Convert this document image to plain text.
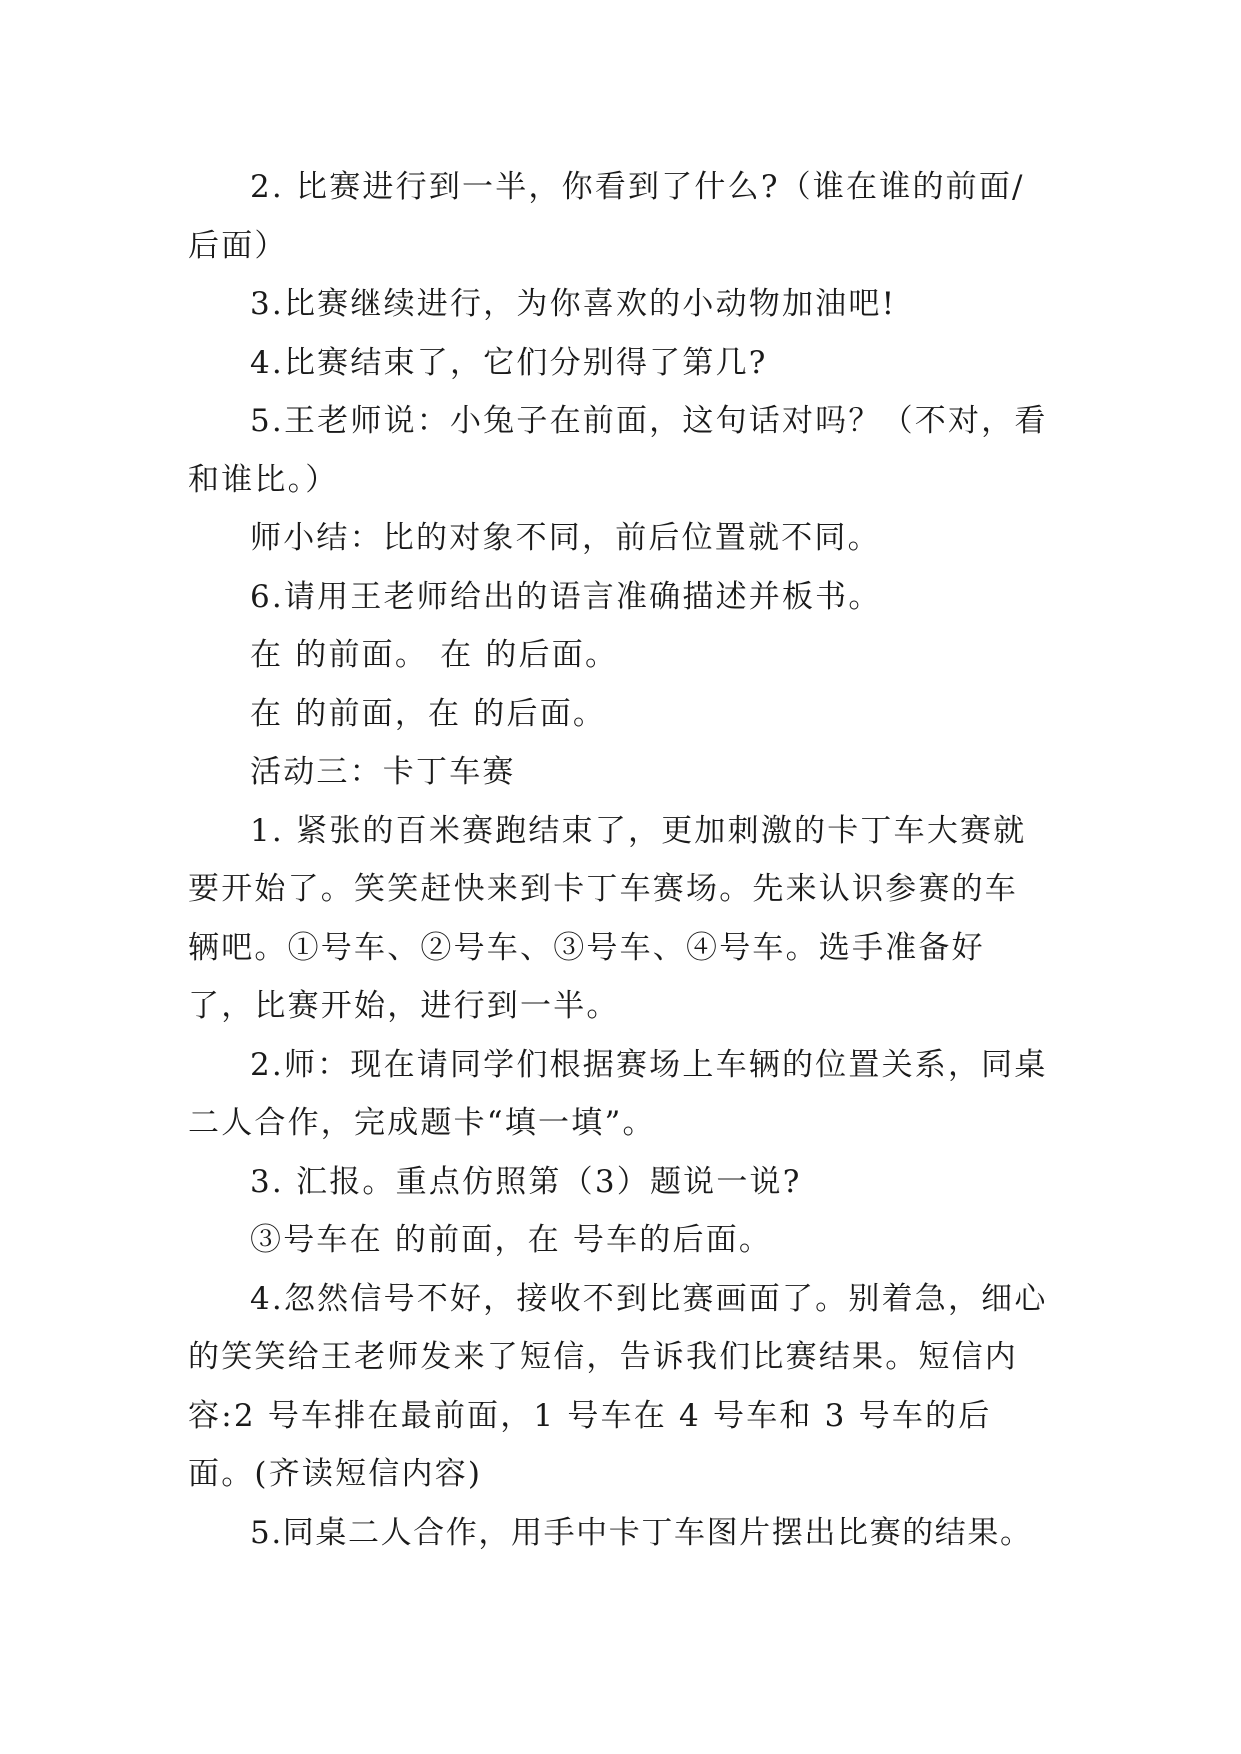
2. 比赛进行到一半，你看到了什么?（谁在谁的前面/后面）

3.比赛继续进行，为你喜欢的小动物加油吧!

4.比赛结束了，它们分别得了第几?

5.王老师说：小兔子在前面，这句话对吗？（不对，看和谁比。）

师小结：比的对象不同，前后位置就不同。

6.请用王老师给出的语言准确描述并板书。

在 的前面。 在 的后面。

在 的前面，在 的后面。

活动三：卡丁车赛

1. 紧张的百米赛跑结束了，更加刺激的卡丁车大赛就要开始了。笑笑赶快来到卡丁车赛场。先来认识参赛的车辆吧。①号车、②号车、③号车、④号车。选手准备好了，比赛开始，进行到一半。

2.师：现在请同学们根据赛场上车辆的位置关系，同桌二人合作，完成题卡“填一填”。

3. 汇报。重点仿照第（3）题说一说?

③号车在 的前面，在 号车的后面。

4.忽然信号不好，接收不到比赛画面了。别着急，细心的笑笑给王老师发来了短信，告诉我们比赛结果。短信内容:2 号车排在最前面，1 号车在 4 号车和 3 号车的后面。(齐读短信内容)

5.同桌二人合作，用手中卡丁车图片摆出比赛的结果。
